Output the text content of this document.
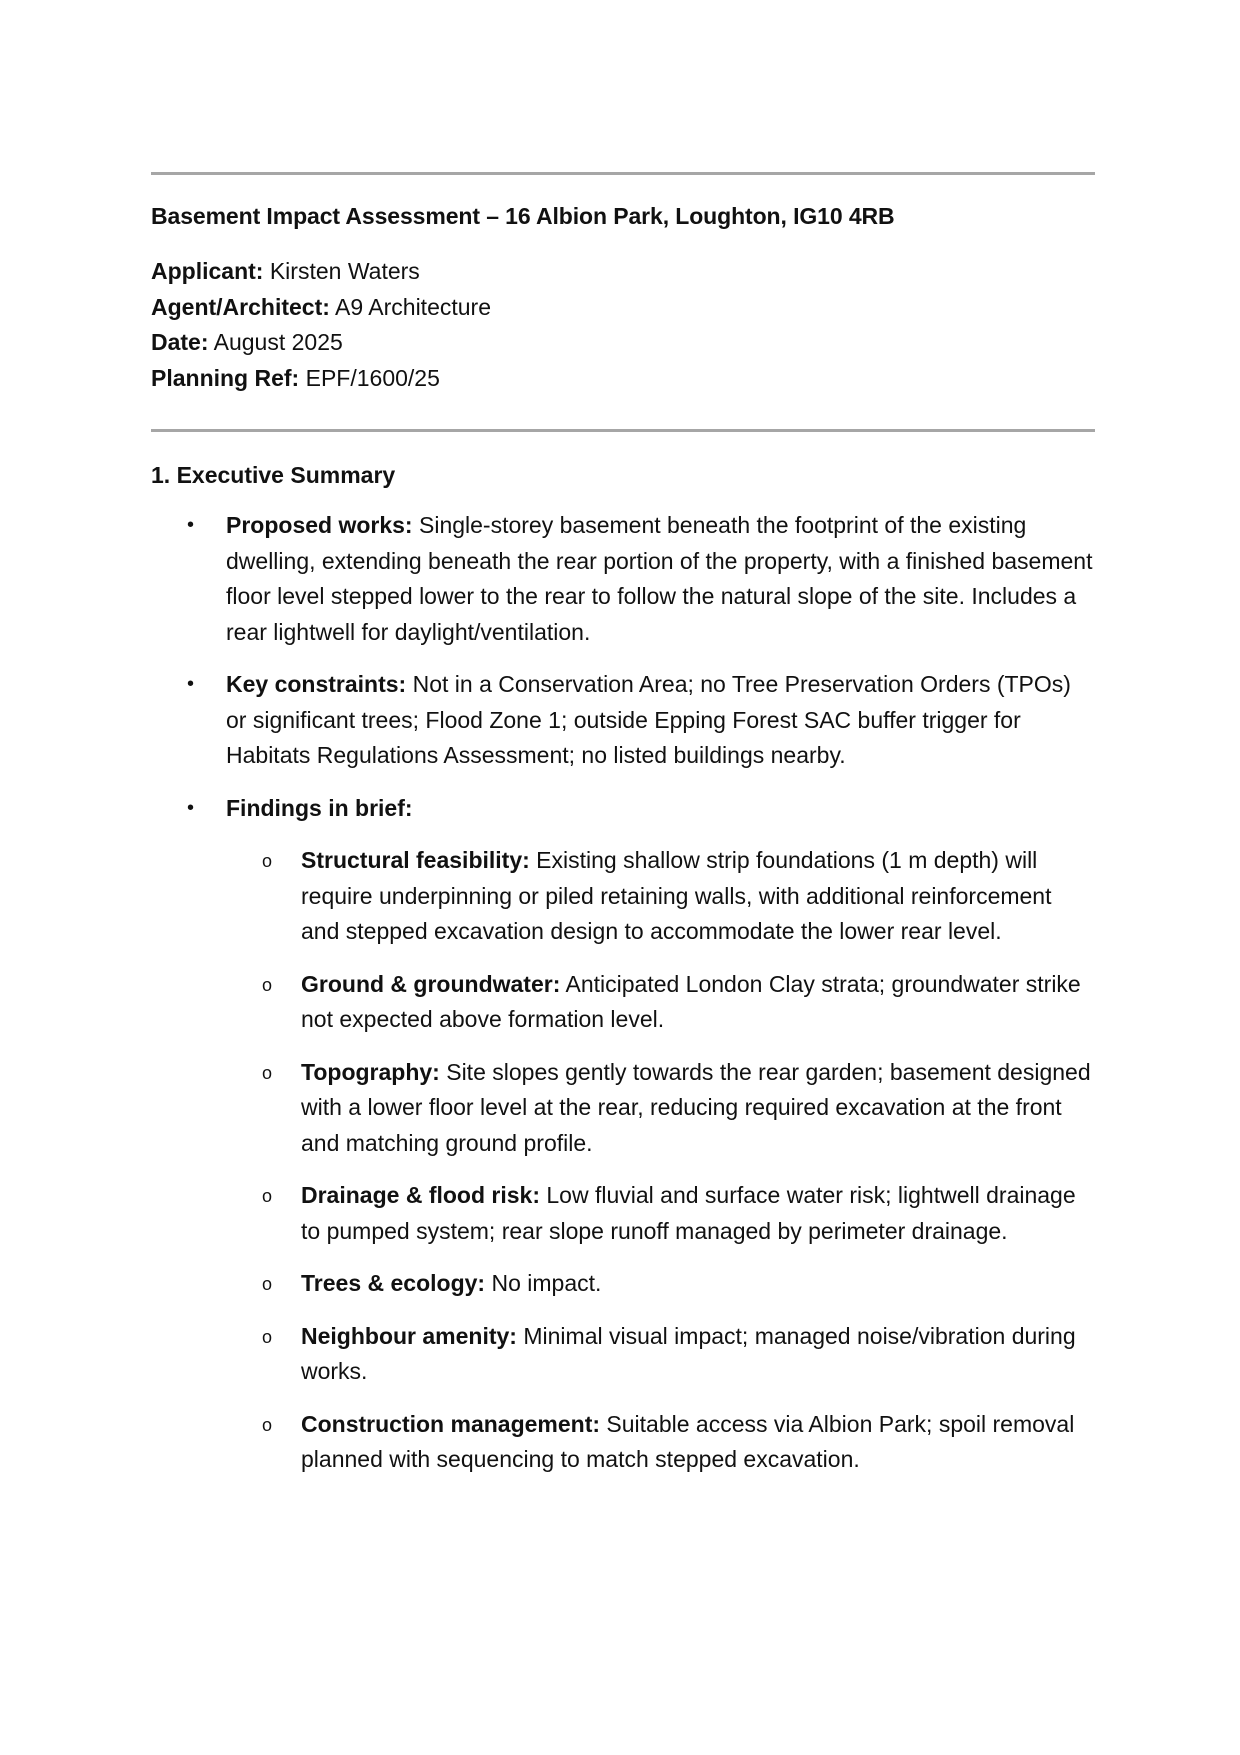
Basement Impact Assessment – 16 Albion Park, Loughton, IG10 4RB
Applicant: Kirsten Waters
Agent/Architect: A9 Architecture
Date: August 2025
Planning Ref: EPF/1600/25
1. Executive Summary
• Proposed works: Single-storey basement beneath the footprint of the existing dwelling, extending beneath the rear portion of the property, with a finished basement floor level stepped lower to the rear to follow the natural slope of the site. Includes a rear lightwell for daylight/ventilation.
• Key constraints: Not in a Conservation Area; no Tree Preservation Orders (TPOs) or significant trees; Flood Zone 1; outside Epping Forest SAC buffer trigger for Habitats Regulations Assessment; no listed buildings nearby.
• Findings in brief:
o Structural feasibility: Existing shallow strip foundations (1 m depth) will require underpinning or piled retaining walls, with additional reinforcement and stepped excavation design to accommodate the lower rear level.
o Ground & groundwater: Anticipated London Clay strata; groundwater strike not expected above formation level.
o Topography: Site slopes gently towards the rear garden; basement designed with a lower floor level at the rear, reducing required excavation at the front and matching ground profile.
o Drainage & flood risk: Low fluvial and surface water risk; lightwell drainage to pumped system; rear slope runoff managed by perimeter drainage.
o Trees & ecology: No impact.
o Neighbour amenity: Minimal visual impact; managed noise/vibration during works.
o Construction management: Suitable access via Albion Park; spoil removal planned with sequencing to match stepped excavation.
